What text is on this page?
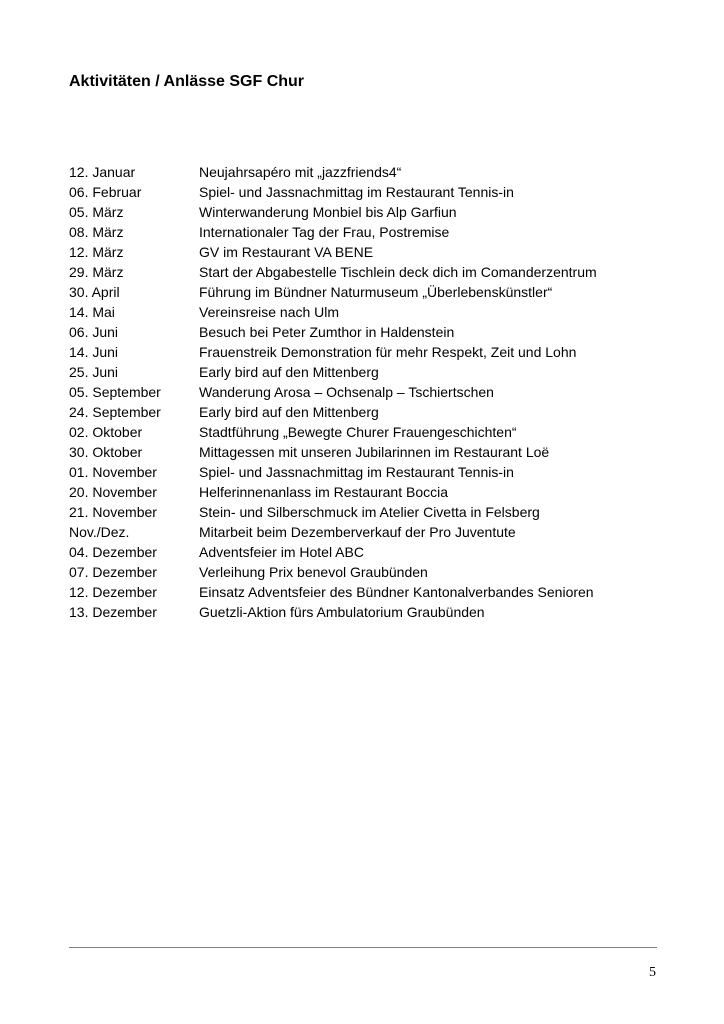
Aktivitäten / Anlässe SGF Chur
12. Januar	Neujahrsapéro mit „jazzfriends4“
06. Februar	Spiel- und Jassnachmittag im Restaurant Tennis-in
05. März	Winterwanderung Monbiel bis Alp Garfiun
08. März	Internationaler Tag der Frau, Postremise
12. März	GV im Restaurant VA BENE
29. März	Start der Abgabestelle Tischlein deck dich im Comanderzentrum
30. April	Führung im Bündner Naturmuseum „Überlebenskünstler“
14. Mai	Vereinsreise nach Ulm
06. Juni	Besuch bei Peter Zumthor in Haldenstein
14. Juni	Frauenstreik Demonstration für mehr Respekt, Zeit und Lohn
25. Juni	Early bird auf den Mittenberg
05. September	Wanderung Arosa – Ochsenalp – Tschiertschen
24. September	Early bird auf den Mittenberg
02. Oktober	Stadtführung „Bewegte Churer Frauengeschichten“
30. Oktober	Mittagessen mit unseren Jubilarinnen im Restaurant Loë
01. November	Spiel- und Jassnachmittag im Restaurant Tennis-in
20. November	Helferinnenanlass im Restaurant Boccia
21. November	Stein- und Silberschmuck im Atelier Civetta in Felsberg
Nov./Dez.	Mitarbeit beim Dezemberverkauf der Pro Juventute
04. Dezember	Adventsfeier im Hotel ABC
07. Dezember	Verleihung Prix benevol Graubünden
12. Dezember	Einsatz Adventsfeier des Bündner Kantonalverbandes Senioren
13. Dezember	Guetzli-Aktion fürs Ambulatorium Graubünden
5
